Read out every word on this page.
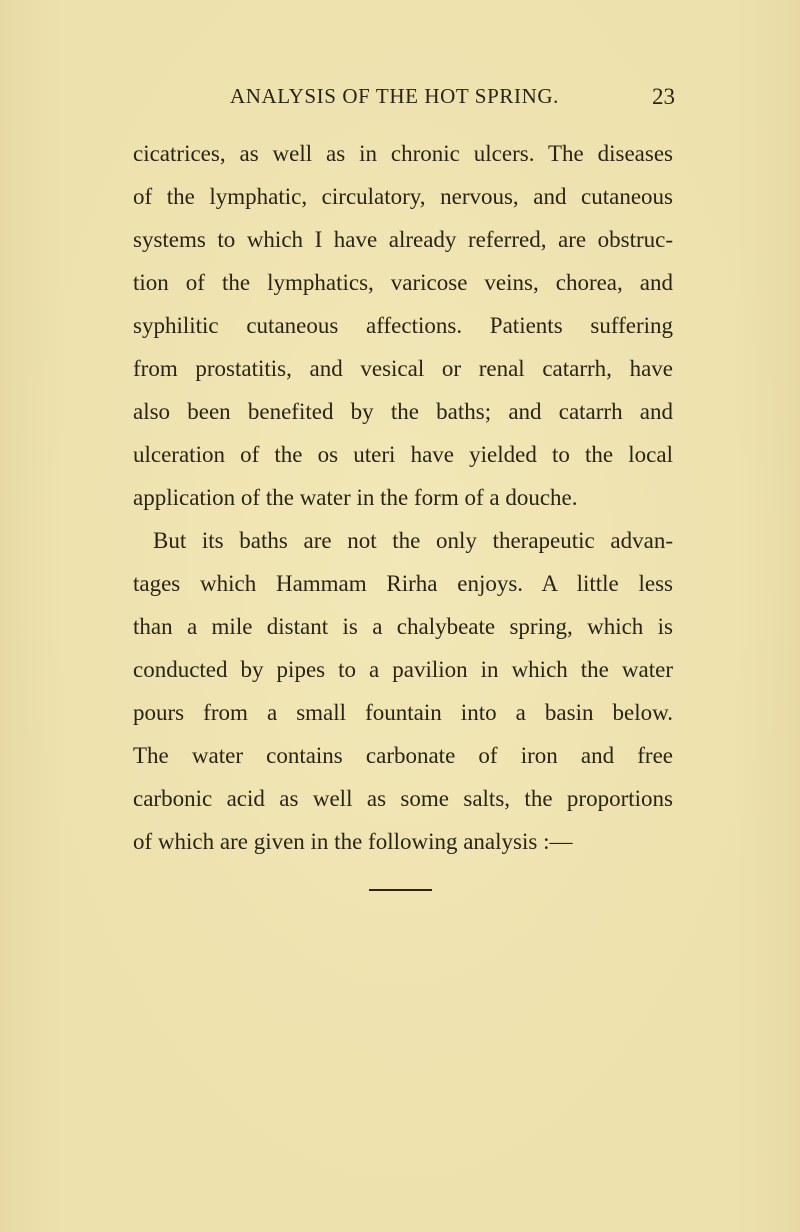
ANALYSIS OF THE HOT SPRING.	23
cicatrices, as well as in chronic ulcers. The diseases
of the lymphatic, circulatory, nervous, and cutaneous
systems to which I have already referred, are obstruc-
tion of the lymphatics, varicose veins, chorea, and
syphilitic cutaneous affections. Patients suffering
from prostatitis, and vesical or renal catarrh, have
also been benefited by the baths; and catarrh and
ulceration of the os uteri have yielded to the local
application of the water in the form of a douche.
But its baths are not the only therapeutic advan-
tages which Hammam Rirha enjoys. A little less
than a mile distant is a chalybeate spring, which is
conducted by pipes to a pavilion in which the water
pours from a small fountain into a basin below.
The water contains carbonate of iron and free
carbonic acid as well as some salts, the proportions
of which are given in the following analysis :—
